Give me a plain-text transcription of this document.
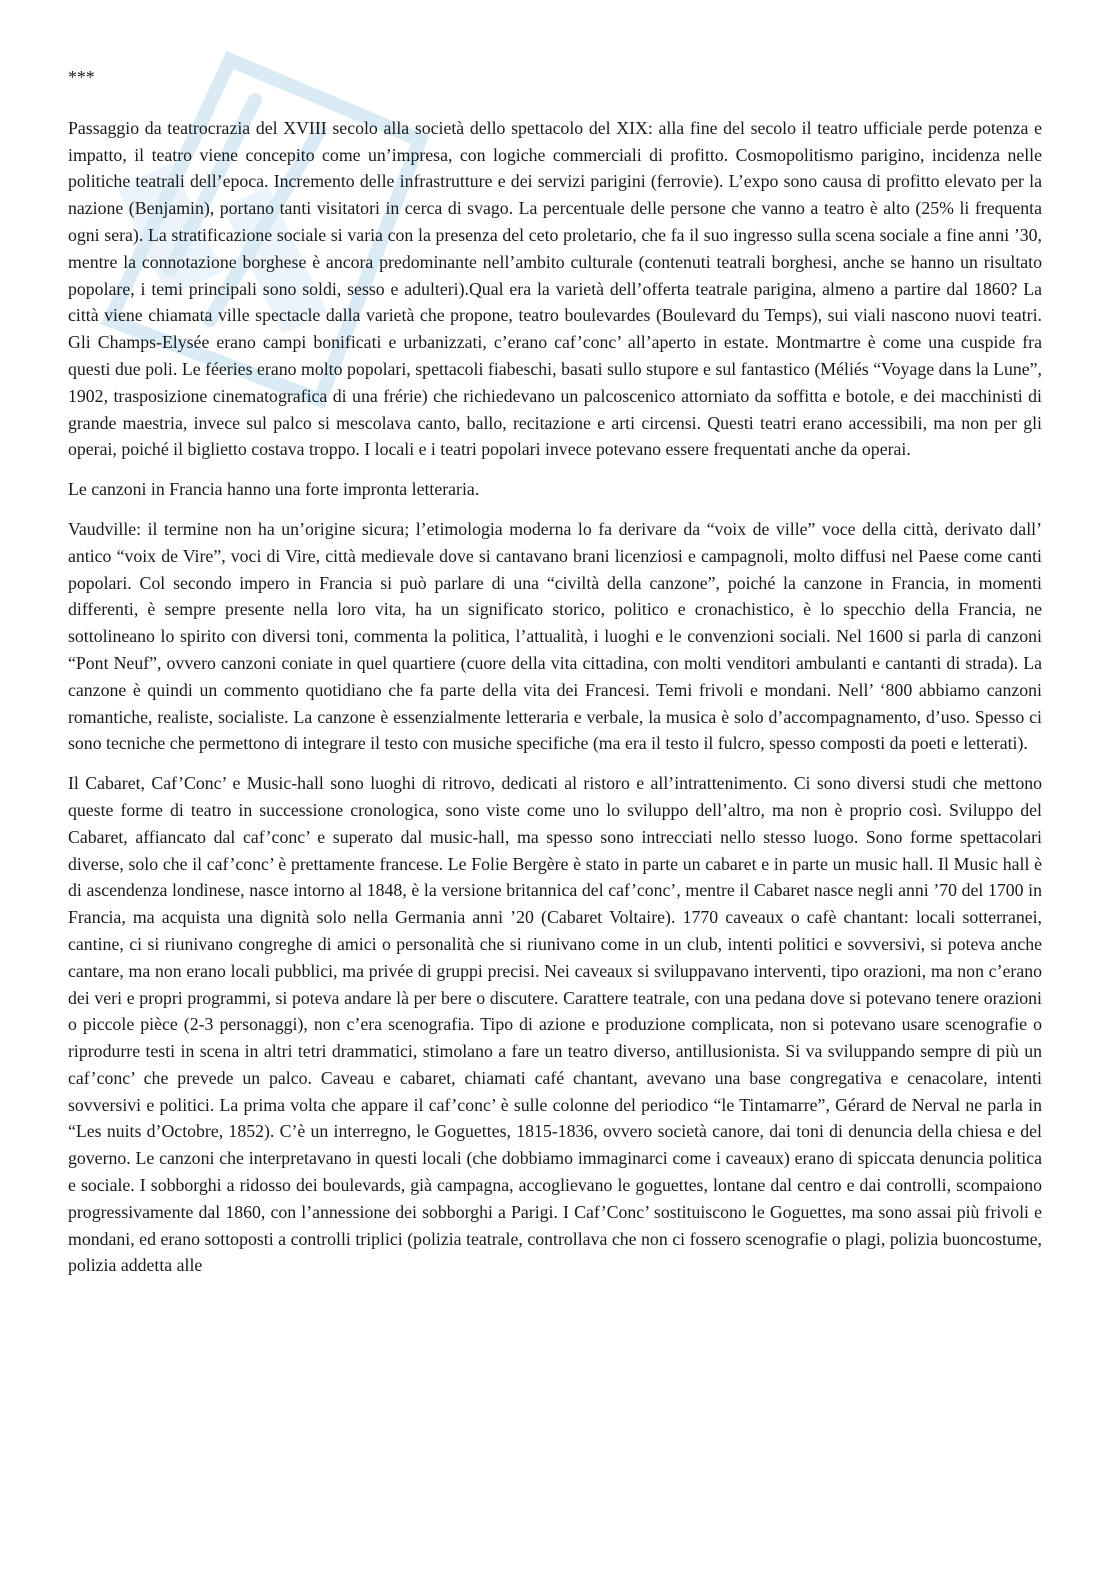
***

Passaggio da teatrocrazia del XVIII secolo alla società dello spettacolo del XIX: alla fine del secolo il teatro ufficiale perde potenza e impatto, il teatro viene concepito come un’impresa, con logiche commerciali di profitto. Cosmopolitismo parigino, incidenza nelle politiche teatrali dell’epoca. Incremento delle infrastrutture e dei servizi parigini (ferrovie). L’expo sono causa di profitto elevato per la nazione (Benjamin), portano tanti visitatori in cerca di svago. La percentuale delle persone che vanno a teatro è alto (25% li frequenta ogni sera). La stratificazione sociale si varia con la presenza del ceto proletario, che fa il suo ingresso sulla scena sociale a fine anni ’30, mentre la connotazione borghese è ancora predominante nell’ambito culturale (contenuti teatrali borghesi, anche se hanno un risultato popolare, i temi principali sono soldi, sesso e adulteri).Qual era la varietà dell’offerta teatrale parigina, almeno a partire dal 1860? La città viene chiamata ville spectacle dalla varietà che propone, teatro boulevardes (Boulevard du Temps), sui viali nascono nuovi teatri. Gli Champs-Elysée erano campi bonificati e urbanizzati, c’erano caf’conc’ all’aperto in estate. Montmartre è come una cuspide fra questi due poli. Le féeries erano molto popolari, spettacoli fiabeschi, basati sullo stupore e sul fantastico (Méliés “Voyage dans la Lune”, 1902, trasposizione cinematografica di una frérie) che richiedevano un palcoscenico attorniato da soffitta e botole, e dei macchinisti di grande maestria, invece sul palco si mescolava canto, ballo, recitazione e arti circensi. Questi teatri erano accessibili, ma non per gli operai, poiché il biglietto costava troppo. I locali e i teatri popolari invece potevano essere frequentati anche da operai.

Le canzoni in Francia hanno una forte impronta letteraria.

Vaudville: il termine non ha un’origine sicura; l’etimologia moderna lo fa derivare da “voix de ville” voce della città, derivato dall’ antico “voix de Vire”, voci di Vire, città medievale dove si cantavano brani licenziosi e campagnoli, molto diffusi nel Paese come canti popolari. Col secondo impero in Francia si può parlare di una “civiltà della canzone”, poiché la canzone in Francia, in momenti differenti, è sempre presente nella loro vita, ha un significato storico, politico e cronachistico, è lo specchio della Francia, ne sottolineano lo spirito con diversi toni, commenta la politica, l’attualità, i luoghi e le convenzioni sociali. Nel 1600 si parla di canzoni “Pont Neuf”, ovvero canzoni coniate in quel quartiere (cuore della vita cittadina, con molti venditori ambulanti e cantanti di strada). La canzone è quindi un commento quotidiano che fa parte della vita dei Francesi. Temi frivoli e mondani. Nell’ ‘800 abbiamo canzoni romantiche, realiste, socialiste. La canzone è essenzialmente letteraria e verbale, la musica è solo d’accompagnamento, d’uso. Spesso ci sono tecniche che permettono di integrare il testo con musiche specifiche (ma era il testo il fulcro, spesso composti da poeti e letterati).

Il Cabaret, Caf’Conc’ e Music-hall sono luoghi di ritrovo, dedicati al ristoro e all’intrattenimento. Ci sono diversi studi che mettono queste forme di teatro in successione cronologica, sono viste come uno lo sviluppo dell’altro, ma non è proprio così. Sviluppo del Cabaret, affiancato dal caf’conc’ e superato dal music-hall, ma spesso sono intrecciati nello stesso luogo. Sono forme spettacolari diverse, solo che il caf’conc’ è prettamente francese. Le Folie Bergère è stato in parte un cabaret e in parte un music hall. Il Music hall è di ascendenza londinese, nasce intorno al 1848, è la versione britannica del caf’conc’, mentre il Cabaret nasce negli anni ’70 del 1700 in Francia, ma acquista una dignità solo nella Germania anni ’20 (Cabaret Voltaire). 1770 caveaux o cafè chantant: locali sotterranei, cantine, ci si riunivano congreghe di amici o personalità che si riunivano come in un club, intenti politici e sovversivi, si poteva anche cantare, ma non erano locali pubblici, ma privée di gruppi precisi. Nei caveaux si sviluppavano interventi, tipo orazioni, ma non c’erano dei veri e propri programmi, si poteva andare là per bere o discutere. Carattere teatrale, con una pedana dove si potevano tenere orazioni o piccole pièce (2-3 personaggi), non c’era scenografia. Tipo di azione e produzione complicata, non si potevano usare scenografie o riprodurre testi in scena in altri tetri drammatici, stimolano a fare un teatro diverso, antillusionista. Si va sviluppando sempre di più un caf’conc’ che prevede un palco. Caveau e cabaret, chiamati café chantant, avevano una base congregativa e cenacolare, intenti sovversivi e politici. La prima volta che appare il caf’conc’ è sulle colonne del periodico “le Tintamarre”, Gérard de Nerval ne parla in “Les nuits d’Octobre, 1852). C’è un interregno, le Goguettes, 1815-1836, ovvero società canore, dai toni di denuncia della chiesa e del governo. Le canzoni che interpretavano in questi locali (che dobbiamo immaginarci come i caveaux) erano di spiccata denuncia politica e sociale. I sobborghi a ridosso dei boulevards, già campagna, accoglievano le goguettes, lontane dal centro e dai controlli, scompaiono progressivamente dal 1860, con l’annessione dei sobborghi a Parigi. I Caf’Conc’ sostituiscono le Goguettes, ma sono assai più frivoli e mondani, ed erano sottoposti a controlli triplici (polizia teatrale, controllava che non ci fossero scenografie o plagi, polizia buoncostume, polizia addetta alle
